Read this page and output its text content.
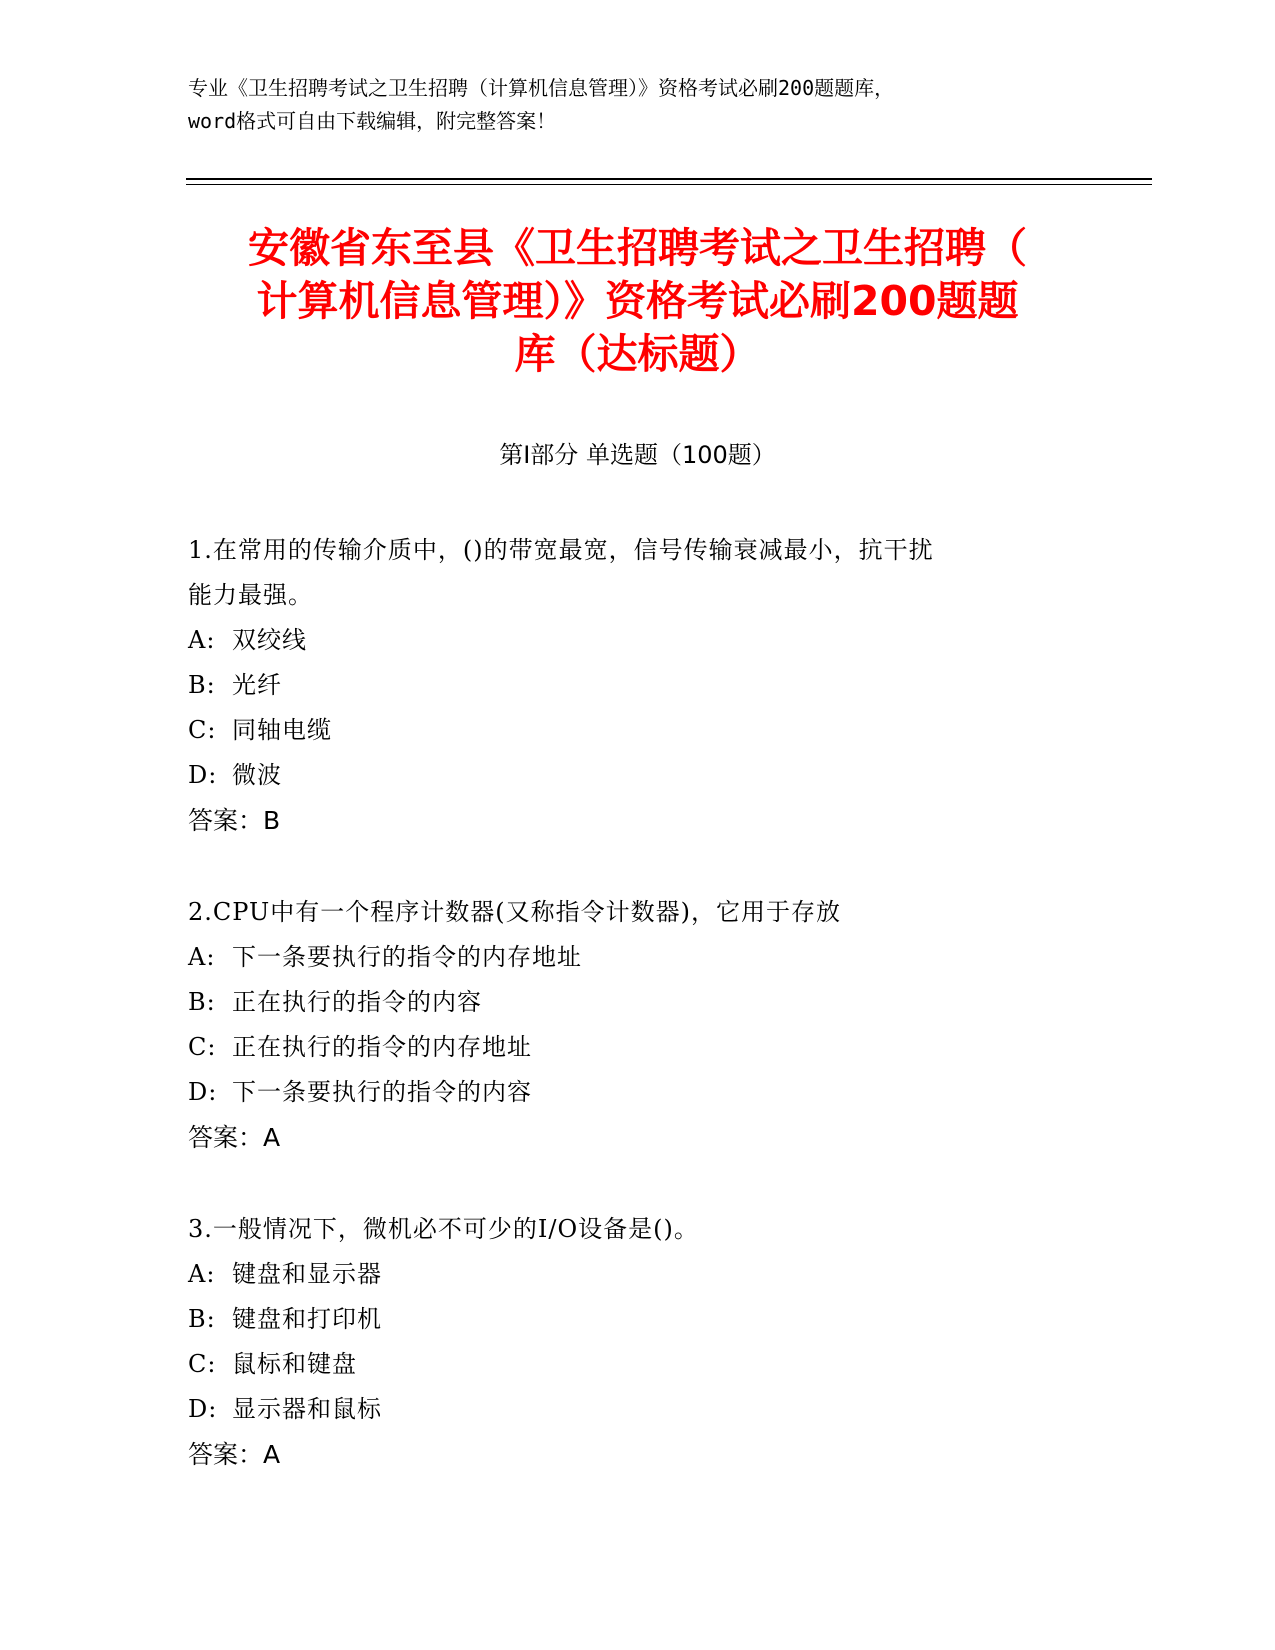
专业《卫生招聘考试之卫生招聘（计算机信息管理）》资格考试必刷200题题库，
word格式可自由下载编辑，附完整答案！
安徽省东至县《卫生招聘考试之卫生招聘（
计算机信息管理）》资格考试必刷200题题
库（达标题）
第Ⅰ部分 单选题（100题）
1.在常用的传输介质中，()的带宽最宽，信号传输衰减最小，抗干扰
能力最强。
A: 双绞线
B: 光纤
C: 同轴电缆
D: 微波
答案：B
2.CPU中有一个程序计数器(又称指令计数器)，它用于存放
A: 下一条要执行的指令的内存地址
B: 正在执行的指令的内容
C: 正在执行的指令的内存地址
D: 下一条要执行的指令的内容
答案：A
3.一般情况下，微机必不可少的I/O设备是()。
A: 键盘和显示器
B: 键盘和打印机
C: 鼠标和键盘
D: 显示器和鼠标
答案：A
